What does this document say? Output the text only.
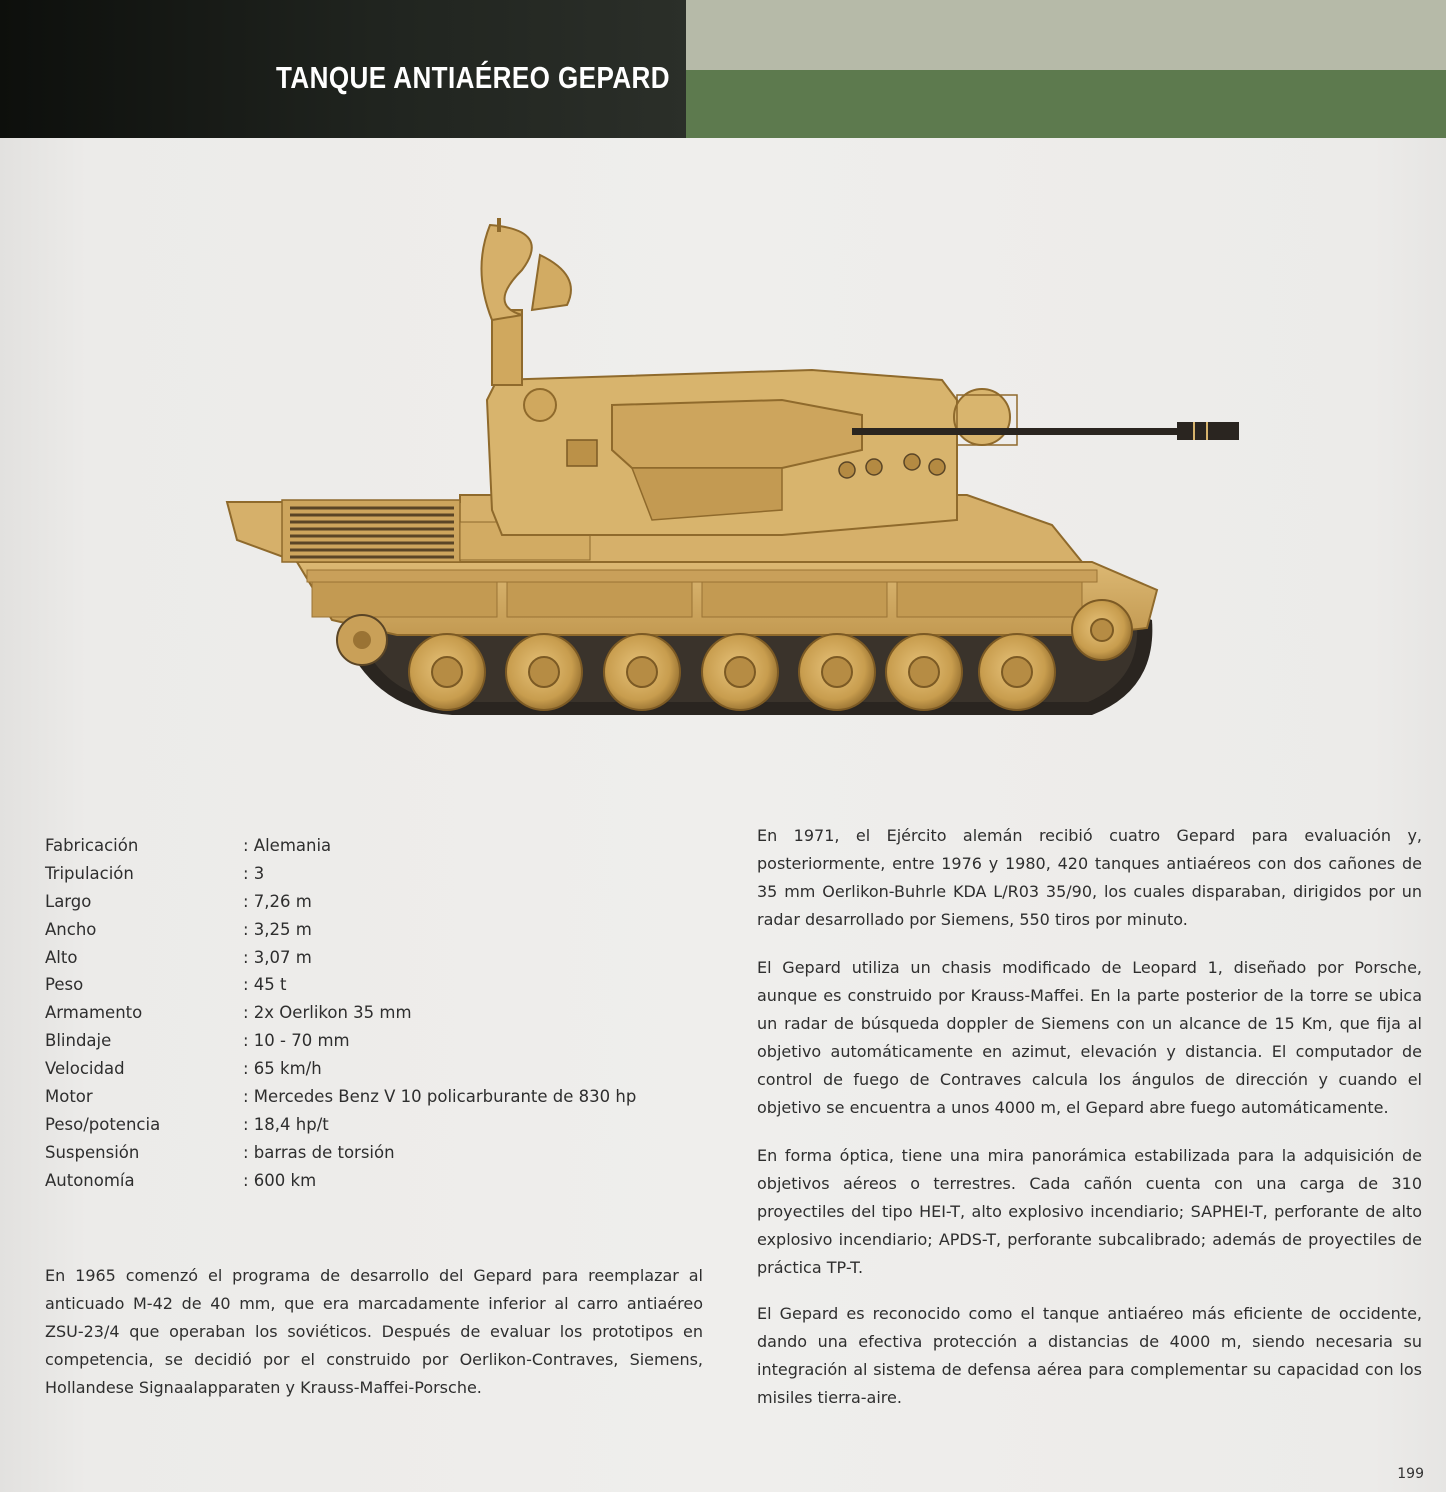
TANQUE ANTIAÉREO GEPARD
Fabricación	: Alemania
Tripulación	: 3
Largo	: 7,26 m
Ancho	: 3,25 m
Alto	: 3,07 m
Peso	: 45 t
Armamento	: 2x Oerlikon 35 mm
Blindaje	: 10 - 70 mm
Velocidad	: 65 km/h
Motor	: Mercedes Benz V 10 policarburante de 830 hp
Peso/potencia	: 18,4 hp/t
Suspensión	: barras de torsión
Autonomía	: 600 km

En 1965 comenzó el programa de desarrollo del Gepard para reemplazar al anticuado M-42 de 40 mm, que era marcadamente inferior al carro antiaéreo ZSU-23/4 que operaban los soviéticos. Después de evaluar los prototipos en competencia, se decidió por el construido por Oerlikon-Contraves, Siemens, Hollandese Signaalapparaten y Krauss-Maffei-Porsche.

En 1971, el Ejército alemán recibió cuatro Gepard para evaluación y, posteriormente, entre 1976 y 1980, 420 tanques antiaéreos con dos cañones de 35 mm Oerlikon-Buhrle KDA L/R03 35/90, los cuales disparaban, dirigidos por un radar desarrollado por Siemens, 550 tiros por minuto.

El Gepard utiliza un chasis modificado de Leopard 1, diseñado por Porsche, aunque es construido por Krauss-Maffei. En la parte posterior de la torre se ubica un radar de búsqueda doppler de Siemens con un alcance de 15 Km, que fija al objetivo automáticamente en azimut, elevación y distancia. El computador de control de fuego de Contraves calcula los ángulos de dirección y cuando el objetivo se encuentra a unos 4000 m, el Gepard abre fuego automáticamente.

En forma óptica, tiene una mira panorámica estabilizada para la adquisición de objetivos aéreos o terrestres. Cada cañón cuenta con una carga de 310 proyectiles del tipo HEI-T, alto explosivo incendiario; SAPHEI-T, perforante de alto explosivo incendiario; APDS-T, perforante subcalibrado; además de proyectiles de práctica TP-T.

El Gepard es reconocido como el tanque antiaéreo más eficiente de occidente, dando una efectiva protección a distancias de 4000 m, siendo necesaria su integración al sistema de defensa aérea para complementar su capacidad con los misiles tierra-aire.

199
